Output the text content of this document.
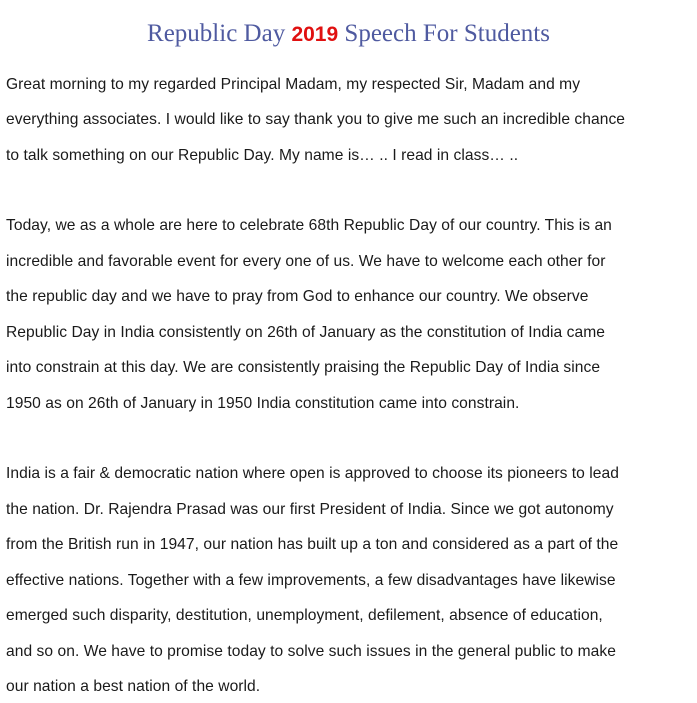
Republic Day 2019 Speech For Students
Great morning to my regarded Principal Madam, my respected Sir, Madam and my
everything associates. I would like to say thank you to give me such an incredible chance
to talk something on our Republic Day. My name is… .. I read in class… ..
Today, we as a whole are here to celebrate 68th Republic Day of our country. This is an
incredible and favorable event for every one of us. We have to welcome each other for
the republic day and we have to pray from God to enhance our country. We observe
Republic Day in India consistently on 26th of January as the constitution of India came
into constrain at this day. We are consistently praising the Republic Day of India since
1950 as on 26th of January in 1950 India constitution came into constrain.
India is a fair & democratic nation where open is approved to choose its pioneers to lead
the nation. Dr. Rajendra Prasad was our first President of India. Since we got autonomy
from the British run in 1947, our nation has built up a ton and considered as a part of the
effective nations. Together with a few improvements, a few disadvantages have likewise
emerged such disparity, destitution, unemployment, defilement, absence of education,
and so on. We have to promise today to solve such issues in the general public to make
our nation a best nation of the world.
